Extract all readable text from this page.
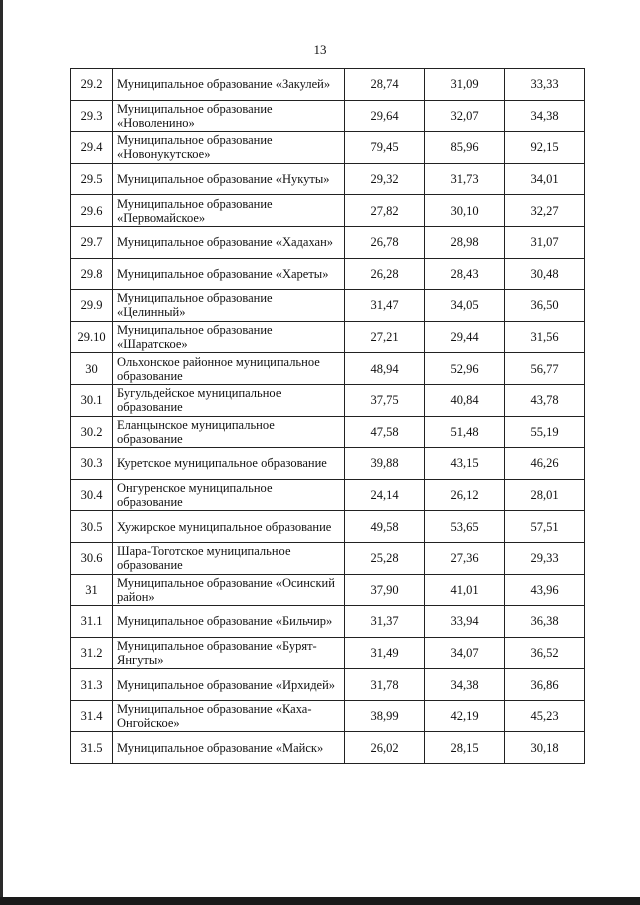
13
29.2	Муниципальное образование «Закулей»	28,74	31,09	33,33
29.3	Муниципальное образование «Новоленино»	29,64	32,07	34,38
29.4	Муниципальное образование «Новонукутское»	79,45	85,96	92,15
29.5	Муниципальное образование «Нукуты»	29,32	31,73	34,01
29.6	Муниципальное образование «Первомайское»	27,82	30,10	32,27
29.7	Муниципальное образование «Хадахан»	26,78	28,98	31,07
29.8	Муниципальное образование «Хареты»	26,28	28,43	30,48
29.9	Муниципальное образование «Целинный»	31,47	34,05	36,50
29.10	Муниципальное образование «Шаратское»	27,21	29,44	31,56
30	Ольхонское районное муниципальное образование	48,94	52,96	56,77
30.1	Бугульдейское муниципальное образование	37,75	40,84	43,78
30.2	Еланцынское муниципальное образование	47,58	51,48	55,19
30.3	Куретское муниципальное образование	39,88	43,15	46,26
30.4	Онгуренское муниципальное образование	24,14	26,12	28,01
30.5	Хужирское муниципальное образование	49,58	53,65	57,51
30.6	Шара-Тоготское муниципальное образование	25,28	27,36	29,33
31	Муниципальное образование «Осинский район»	37,90	41,01	43,96
31.1	Муниципальное образование «Бильчир»	31,37	33,94	36,38
31.2	Муниципальное образование «Бурят-Янгуты»	31,49	34,07	36,52
31.3	Муниципальное образование «Ирхидей»	31,78	34,38	36,86
31.4	Муниципальное образование «Каха-Онгойское»	38,99	42,19	45,23
31.5	Муниципальное образование «Майск»	26,02	28,15	30,18
